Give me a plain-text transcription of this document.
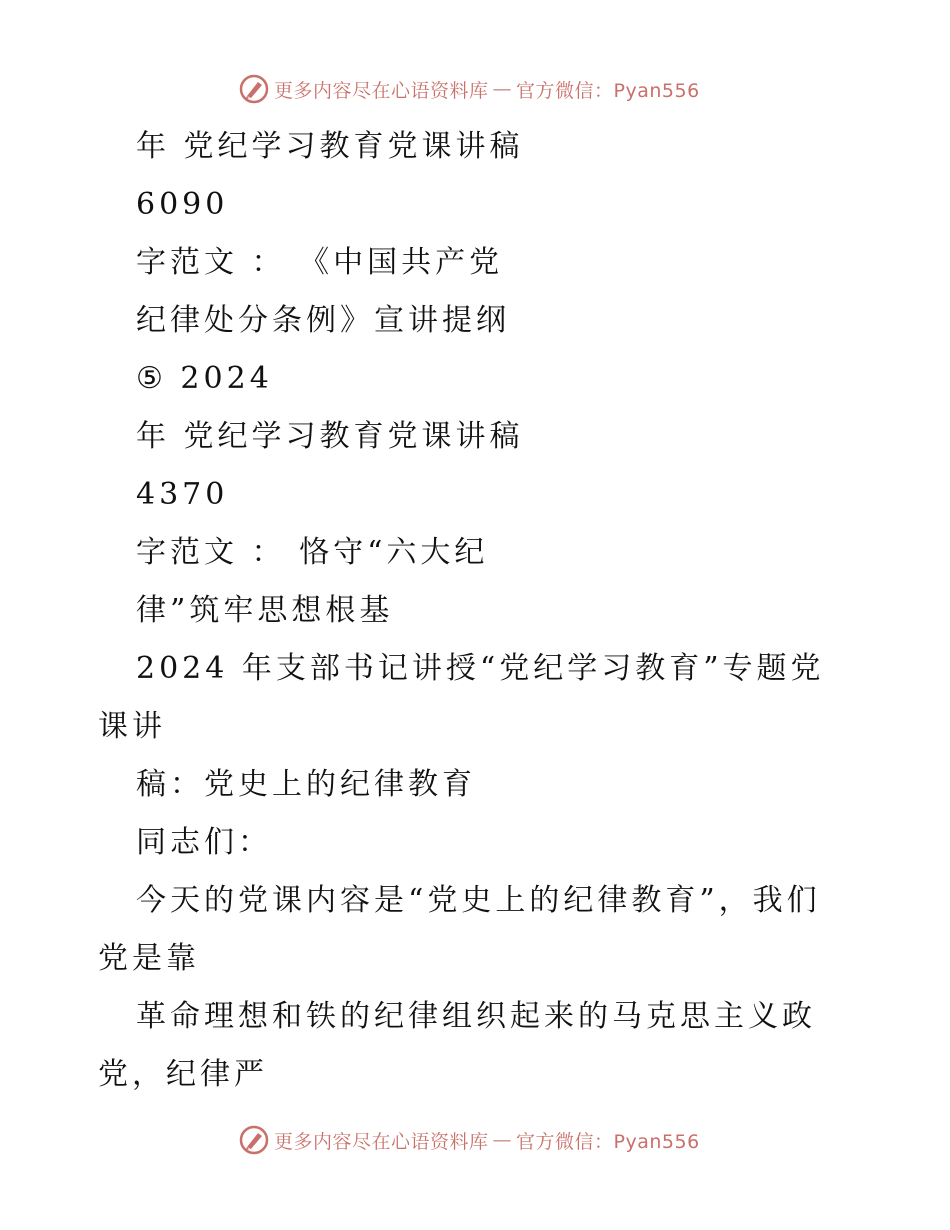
更多内容尽在心语资料库 — 官方微信：Pyan556
年 党纪学习教育党课讲稿
6090
字范文 ： 《中国共产党
纪律处分条例》宣讲提纲
⑤ 2024
年 党纪学习教育党课讲稿
4370
字范文 ： 恪守“六大纪
律”筑牢思想根基
2024 年支部书记讲授“党纪学习教育”专题党
课讲
稿：党史上的纪律教育
同志们：
今天的党课内容是“党史上的纪律教育”，我们
党是靠
革命理想和铁的纪律组织起来的马克思主义政
党，纪律严
更多内容尽在心语资料库 — 官方微信：Pyan556
